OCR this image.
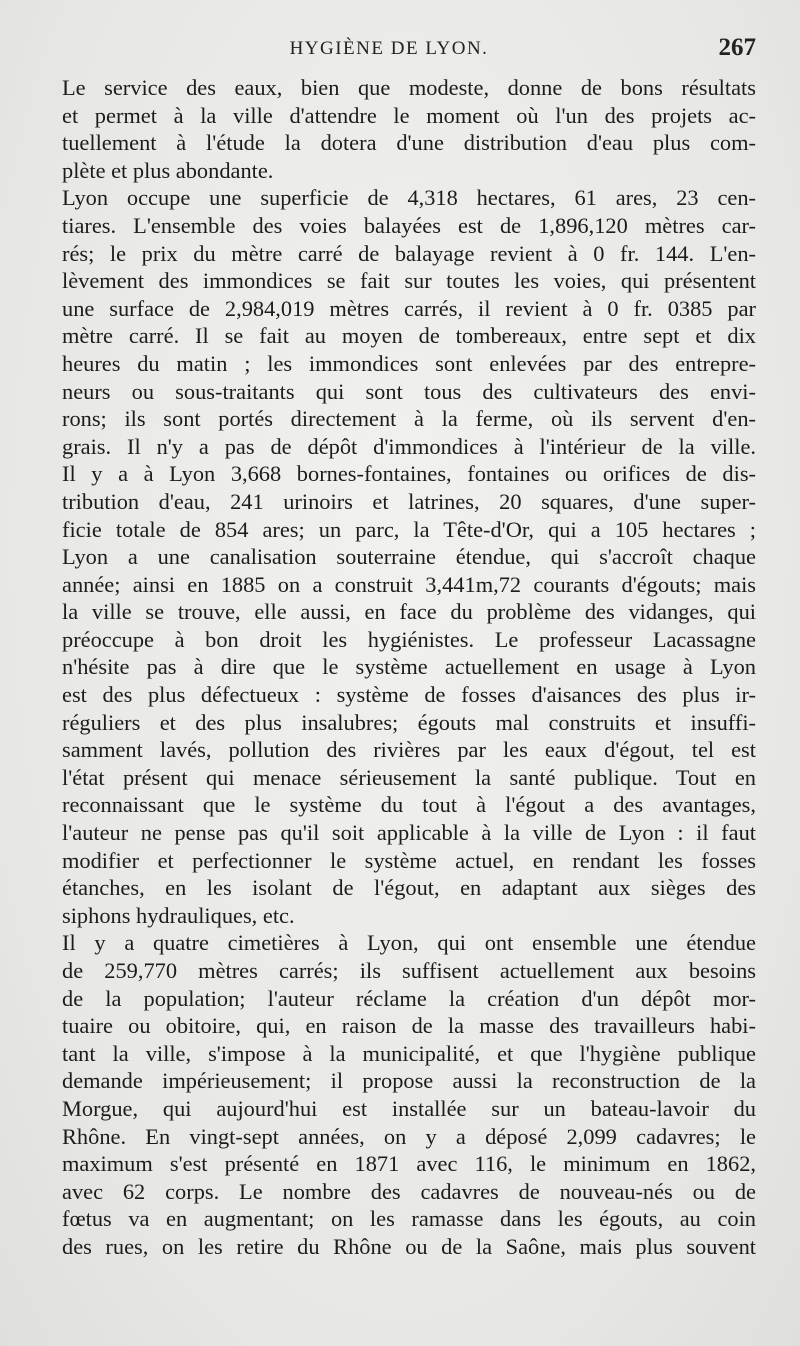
HYGIÈNE DE LYON.	267

Le service des eaux, bien que modeste, donne de bons résultats
et permet à la ville d'attendre le moment où l'un des projets ac-
tuellement à l'étude la dotera d'une distribution d'eau plus com-
plète et plus abondante.

Lyon occupe une superficie de 4,318 hectares, 61 ares, 23 cen-
tiares. L'ensemble des voies balayées est de 1,896,120 mètres car-
rés; le prix du mètre carré de balayage revient à 0 fr. 144. L'en-
lèvement des immondices se fait sur toutes les voies, qui présentent
une surface de 2,984,019 mètres carrés, il revient à 0 fr. 0385 par
mètre carré. Il se fait au moyen de tombereaux, entre sept et dix
heures du matin ; les immondices sont enlevées par des entrepre-
neurs ou sous-traitants qui sont tous des cultivateurs des envi-
rons; ils sont portés directement à la ferme, où ils servent d'en-
grais. Il n'y a pas de dépôt d'immondices à l'intérieur de la ville.
Il y a à Lyon 3,668 bornes-fontaines, fontaines ou orifices de dis-
tribution d'eau, 241 urinoirs et latrines, 20 squares, d'une super-
ficie totale de 854 ares; un parc, la Tête-d'Or, qui a 105 hectares ;
Lyon a une canalisation souterraine étendue, qui s'accroît chaque
année; ainsi en 1885 on a construit 3,441m,72 courants d'égouts; mais
la ville se trouve, elle aussi, en face du problème des vidanges, qui
préoccupe à bon droit les hygiénistes. Le professeur Lacassagne
n'hésite pas à dire que le système actuellement en usage à Lyon
est des plus défectueux : système de fosses d'aisances des plus ir-
réguliers et des plus insalubres; égouts mal construits et insuffi-
samment lavés, pollution des rivières par les eaux d'égout, tel est
l'état présent qui menace sérieusement la santé publique. Tout en
reconnaissant que le système du tout à l'égout a des avantages,
l'auteur ne pense pas qu'il soit applicable à la ville de Lyon : il faut
modifier et perfectionner le système actuel, en rendant les fosses
étanches, en les isolant de l'égout, en adaptant aux sièges des
siphons hydrauliques, etc.

Il y a quatre cimetières à Lyon, qui ont ensemble une étendue
de 259,770 mètres carrés; ils suffisent actuellement aux besoins
de la population; l'auteur réclame la création d'un dépôt mor-
tuaire ou obitoire, qui, en raison de la masse des travailleurs habi-
tant la ville, s'impose à la municipalité, et que l'hygiène publique
demande impérieusement; il propose aussi la reconstruction de la
Morgue, qui aujourd'hui est installée sur un bateau-lavoir du
Rhône. En vingt-sept années, on y a déposé 2,099 cadavres; le
maximum s'est présenté en 1871 avec 116, le minimum en 1862,
avec 62 corps. Le nombre des cadavres de nouveau-nés ou de
fœtus va en augmentant; on les ramasse dans les égouts, au coin
des rues, on les retire du Rhône ou de la Saône, mais plus souvent
